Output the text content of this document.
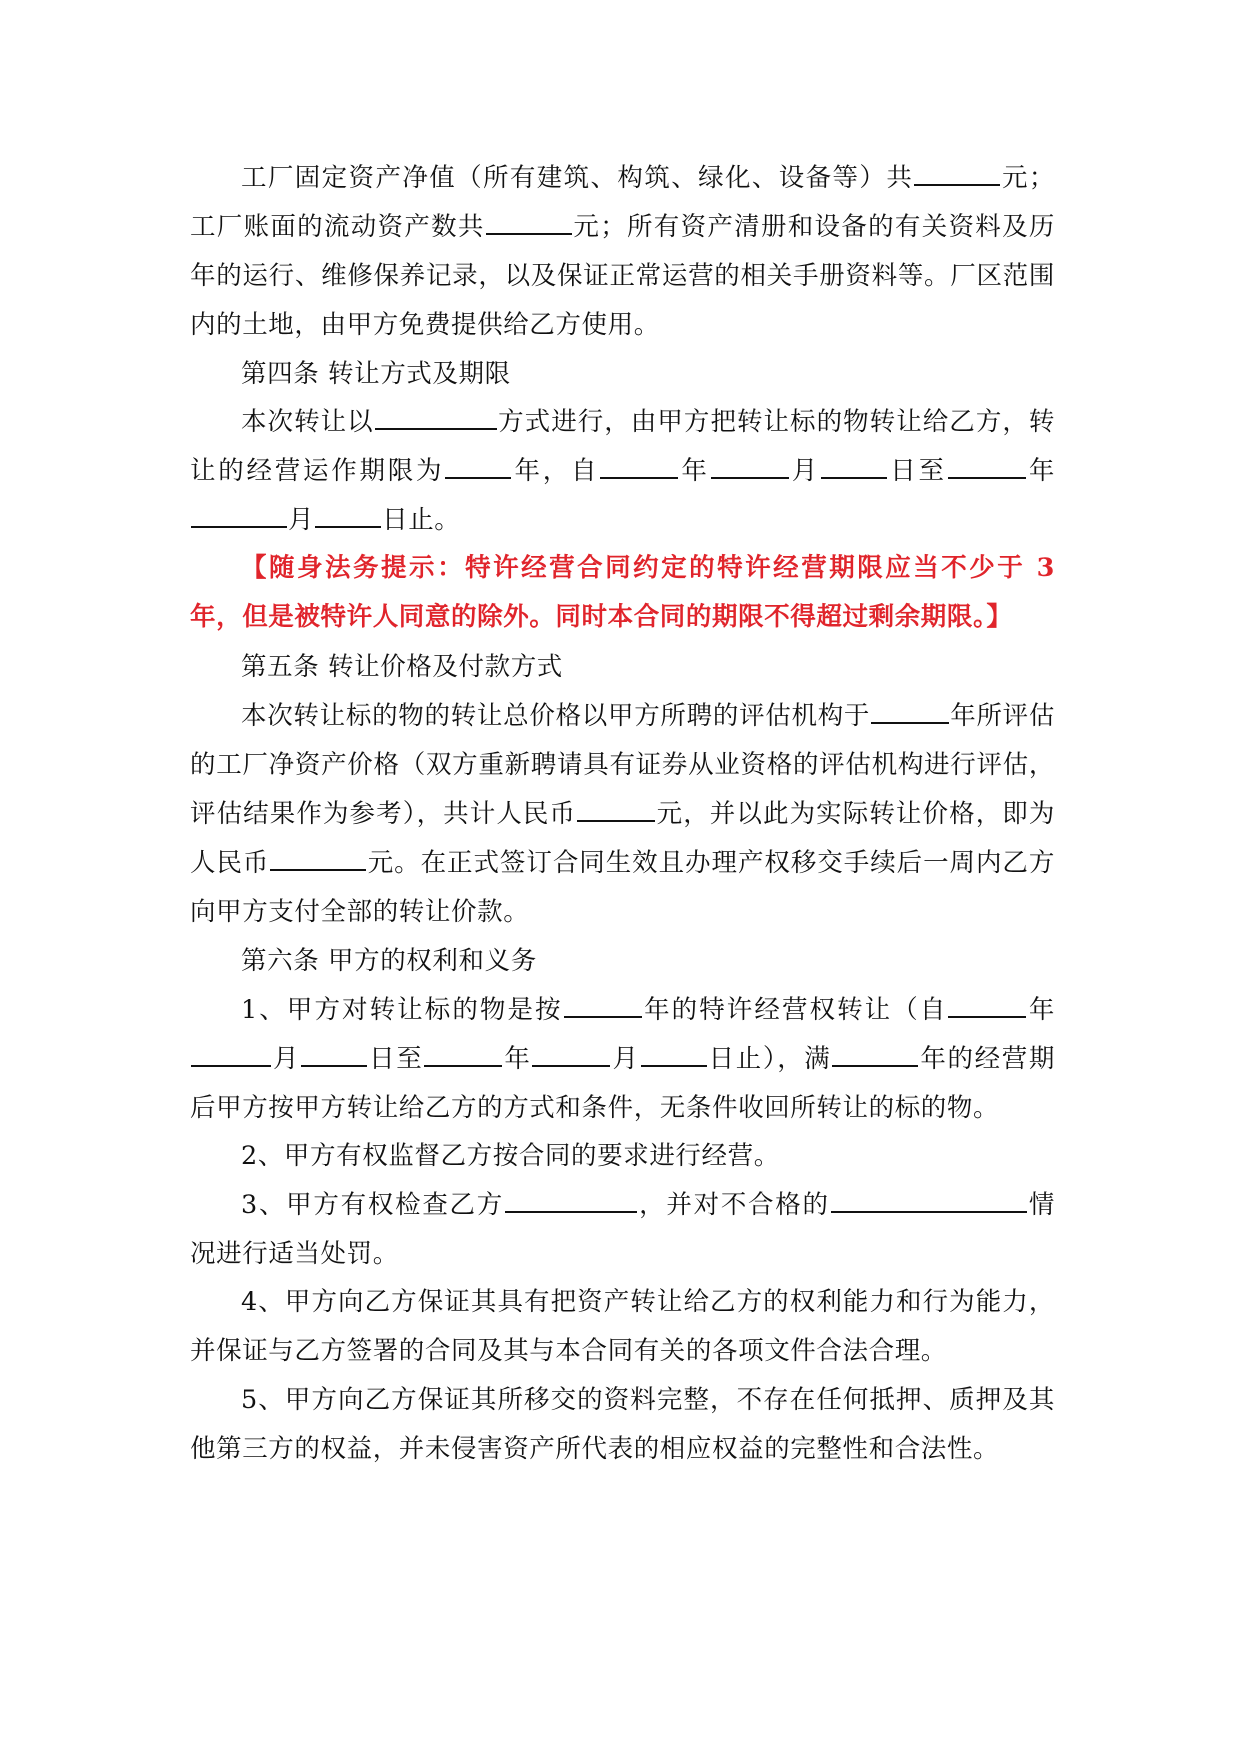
工厂固定资产净值（所有建筑、构筑、绿化、设备等）共	元；工厂账面的流动资产数共	元；所有资产清册和设备的有关资料及历年的运行、维修保养记录，以及保证正常运营的相关手册资料等。厂区范围内的土地，由甲方免费提供给乙方使用。

第四条 转让方式及期限

本次转让以	方式进行，由甲方把转让标的物转让给乙方，转让的经营运作期限为	年，自	年	月	日至	年月	日止。

【随身法务提示：特许经营合同约定的特许经营期限应当不少于 3 年，但是被特许人同意的除外。同时本合同的期限不得超过剩余期限。】

第五条 转让价格及付款方式

本次转让标的物的转让总价格以甲方所聘的评估机构于	年所评估的工厂净资产价格（双方重新聘请具有证券从业资格的评估机构进行评估，评估结果作为参考），共计人民币	元，并以此为实际转让价格，即为人民币	元。在正式签订合同生效且办理产权移交手续后一周内乙方向甲方支付全部的转让价款。

第六条 甲方的权利和义务

1、甲方对转让标的物是按	年的特许经营权转让（自	年月	日至	年	月	日止），满	年的经营期后甲方按甲方转让给乙方的方式和条件，无条件收回所转让的标的物。

2、甲方有权监督乙方按合同的要求进行经营。

3、甲方有权检查乙方	，并对不合格的	情况进行适当处罚。

4、甲方向乙方保证其具有把资产转让给乙方的权利能力和行为能力，并保证与乙方签署的合同及其与本合同有关的各项文件合法合理。

5、甲方向乙方保证其所移交的资料完整，不存在任何抵押、质押及其他第三方的权益，并未侵害资产所代表的相应权益的完整性和合法性。
